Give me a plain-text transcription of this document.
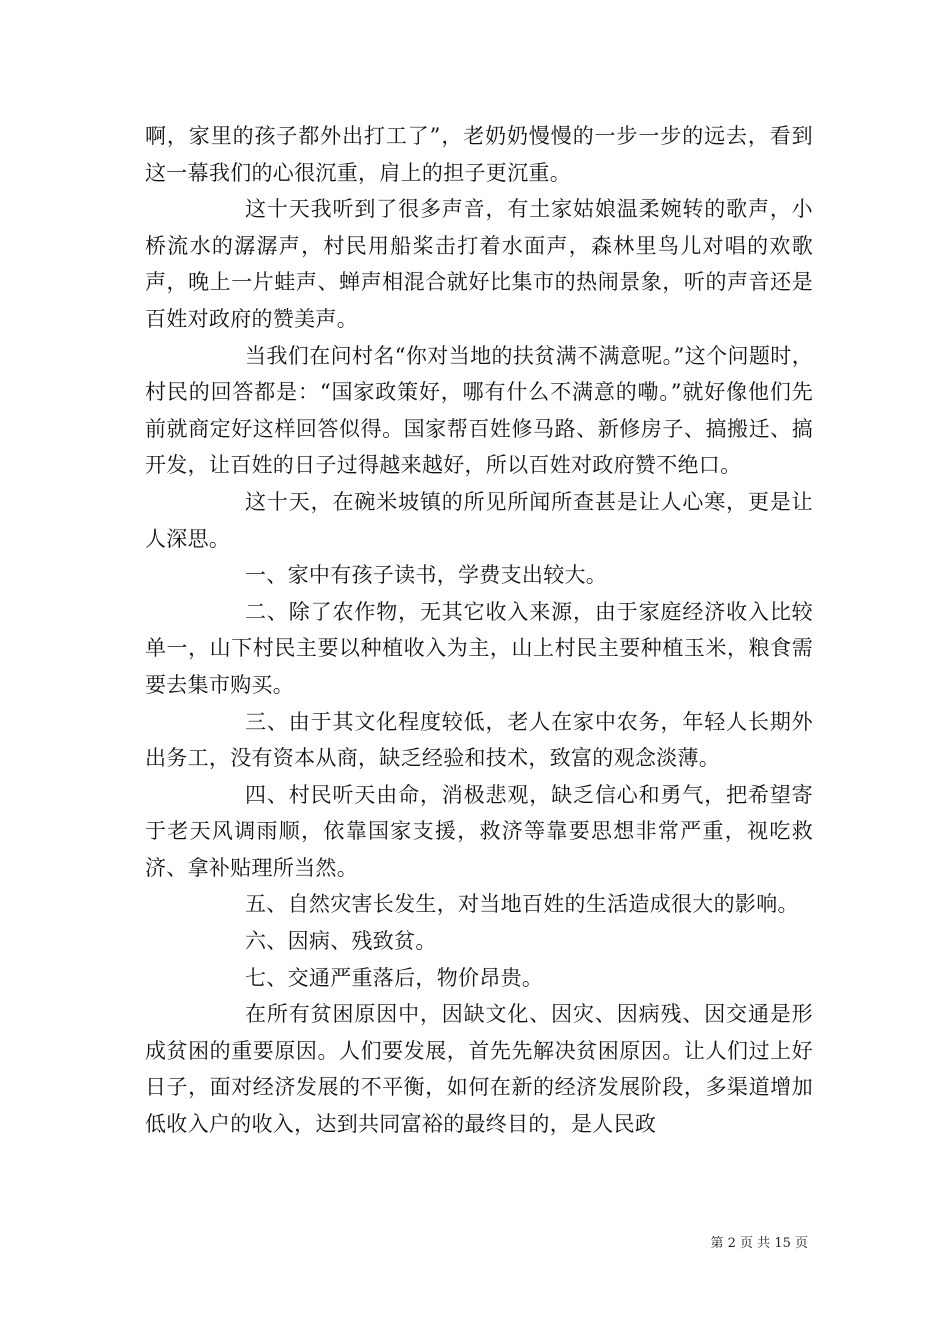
啊，家里的孩子都外出打工了”，老奶奶慢慢的一步一步的远去，看到这一幕我们的心很沉重，肩上的担子更沉重。

这十天我听到了很多声音，有土家姑娘温柔婉转的歌声，小桥流水的潺潺声，村民用船桨击打着水面声，森林里鸟儿对唱的欢歌声，晚上一片蛙声、蝉声相混合就好比集市的热闹景象，听的声音还是百姓对政府的赞美声。

当我们在问村名“你对当地的扶贫满不满意呢。”这个问题时，村民的回答都是：“国家政策好，哪有什么不满意的嘞。”就好像他们先前就商定好这样回答似得。国家帮百姓修马路、新修房子、搞搬迁、搞开发，让百姓的日子过得越来越好，所以百姓对政府赞不绝口。

这十天，在碗米坡镇的所见所闻所查甚是让人心寒，更是让人深思。

一、家中有孩子读书，学费支出较大。

二、除了农作物，无其它收入来源，由于家庭经济收入比较单一，山下村民主要以种植收入为主，山上村民主要种植玉米，粮食需要去集市购买。

三、由于其文化程度较低，老人在家中农务，年轻人长期外出务工，没有资本从商，缺乏经验和技术，致富的观念淡薄。

四、村民听天由命，消极悲观，缺乏信心和勇气，把希望寄于老天风调雨顺，依靠国家支援，救济等靠要思想非常严重，视吃救济、拿补贴理所当然。

五、自然灾害长发生，对当地百姓的生活造成很大的影响。

六、因病、残致贫。

七、交通严重落后，物价昂贵。

在所有贫困原因中，因缺文化、因灾、因病残、因交通是形成贫困的重要原因。人们要发展，首先先解决贫困原因。让人们过上好日子，面对经济发展的不平衡，如何在新的经济发展阶段，多渠道增加低收入户的收入，达到共同富裕的最终目的，是人民政

第 2 页 共 15 页
